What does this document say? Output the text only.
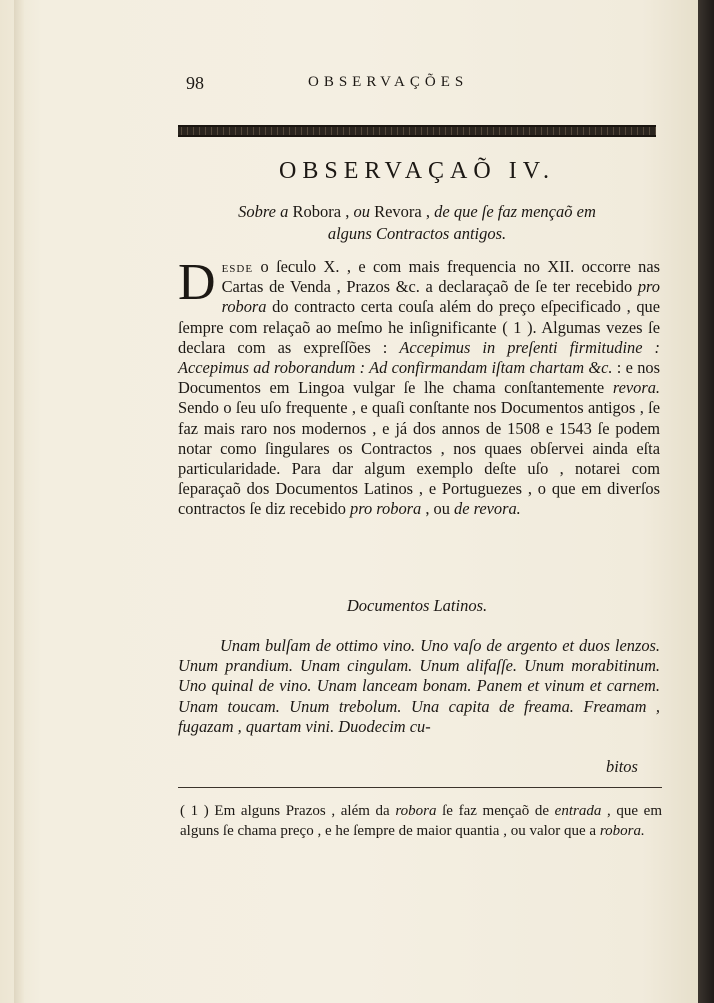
98	OBSERVAÇÕES
OBSERVAÇAÕ IV.
Sobre a Robora , ou Revora , de que ſe faz mençaõ em
alguns Contractos antigos.
D esde o ſeculo X. , e com mais frequencia no XII. occorre nas Cartas de Venda , Prazos &c. a declaraçaõ de ſe ter recebido pro robora do contracto certa couſa além do preço eſpecificado , que ſempre com relaçaõ ao meſmo he inſignificante ( 1 ). Algumas vezes ſe declara com as expreſſões : Accepimus in preſenti firmitudine : Accepimus ad roborandum : Ad confirmandam iſtam chartam &c. : e nos Documentos em Lingoa vulgar ſe lhe chama conſtantemente revora. Sendo o ſeu uſo frequente , e quaſi conſtante nos Documentos antigos , ſe faz mais raro nos modernos , e já dos annos de 1508 e 1543 ſe podem notar como ſingulares os Contractos , nos quaes obſervei ainda eſta particularidade. Para dar algum exemplo deſte uſo , notarei com ſeparaçaõ dos Documentos Latinos , e Portuguezes , o que em diverſos contractos ſe diz recebido pro robora , ou de revora.

Documentos Latinos.

Unam bulſam de ottimo vino. Uno vaſo de argento et duos lenzos. Unum prandium. Unam cingulam. Unum alifaſſe. Unum morabitinum. Uno quinal de vino. Unam lanceam bonam. Panem et vinum et carnem. Unam toucam. Unum trebolum. Una capita de freama. Freamam , fugazam , quartam vini. Duodecim cu-

bitos
( 1 ) Em alguns Prazos , além da robora ſe faz mençaõ de entrada , que em alguns ſe chama preço , e he ſempre de maior quantia , ou valor que a robora.
